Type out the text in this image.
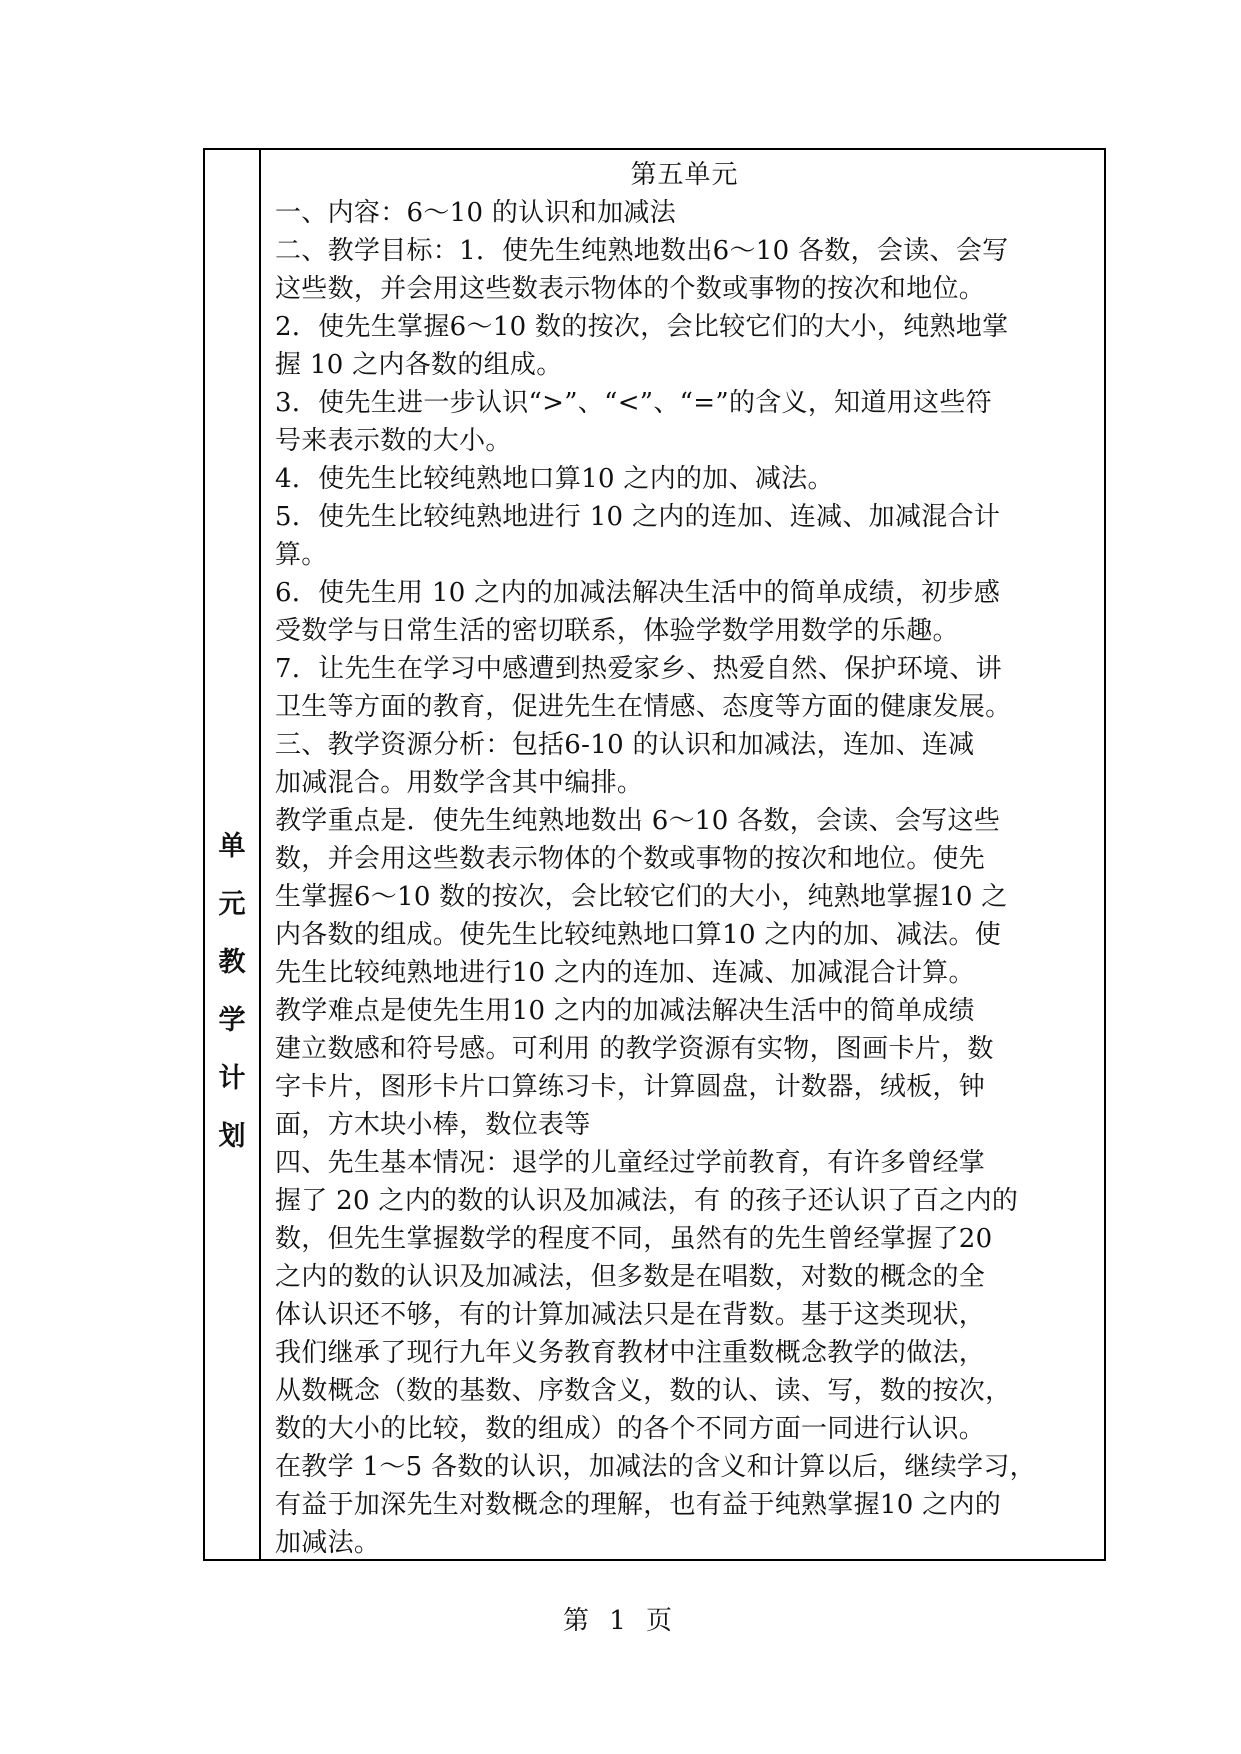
单
元
教
学
计
划
第五单元
一、内容：6～10 的认识和加减法
二、教学目标：1．使先生纯熟地数出6～10 各数，会读、会写
这些数，并会用这些数表示物体的个数或事物的按次和地位。
2．使先生掌握6～10 数的按次，会比较它们的大小，纯熟地掌
握 10 之内各数的组成。
3．使先生进一步认识“>”、“<”、“=”的含义，知道用这些符
号来表示数的大小。
4．使先生比较纯熟地口算10 之内的加、减法。
5．使先生比较纯熟地进行 10 之内的连加、连减、加减混合计
算。
6．使先生用 10 之内的加减法解决生活中的简单成绩，初步感
受数学与日常生活的密切联系，体验学数学用数学的乐趣。
7．让先生在学习中感遭到热爱家乡、热爱自然、保护环境、讲
卫生等方面的教育，促进先生在情感、态度等方面的健康发展。
三、教学资源分析：包括6-10 的认识和加减法，连加、连减
加减混合。用数学含其中编排。
教学重点是．使先生纯熟地数出 6～10 各数，会读、会写这些
数，并会用这些数表示物体的个数或事物的按次和地位。使先
生掌握6～10 数的按次，会比较它们的大小，纯熟地掌握10 之
内各数的组成。使先生比较纯熟地口算10 之内的加、减法。使
先生比较纯熟地进行10 之内的连加、连减、加减混合计算。
教学难点是使先生用10 之内的加减法解决生活中的简单成绩
建立数感和符号感。可利用 的教学资源有实物，图画卡片，数
字卡片，图形卡片口算练习卡，计算圆盘，计数器，绒板，钟
面，方木块小棒，数位表等
四、先生基本情况：退学的儿童经过学前教育，有许多曾经掌
握了 20 之内的数的认识及加减法，有 的孩子还认识了百之内的
数，但先生掌握数学的程度不同，虽然有的先生曾经掌握了20
之内的数的认识及加减法，但多数是在唱数，对数的概念的全
体认识还不够，有的计算加减法只是在背数。基于这类现状，
我们继承了现行九年义务教育教材中注重数概念教学的做法，
从数概念（数的基数、序数含义，数的认、读、写，数的按次，
数的大小的比较，数的组成）的各个不同方面一同进行认识。
在教学 1～5 各数的认识，加减法的含义和计算以后，继续学习，
有益于加深先生对数概念的理解，也有益于纯熟掌握10 之内的
加减法。
第 1 页
